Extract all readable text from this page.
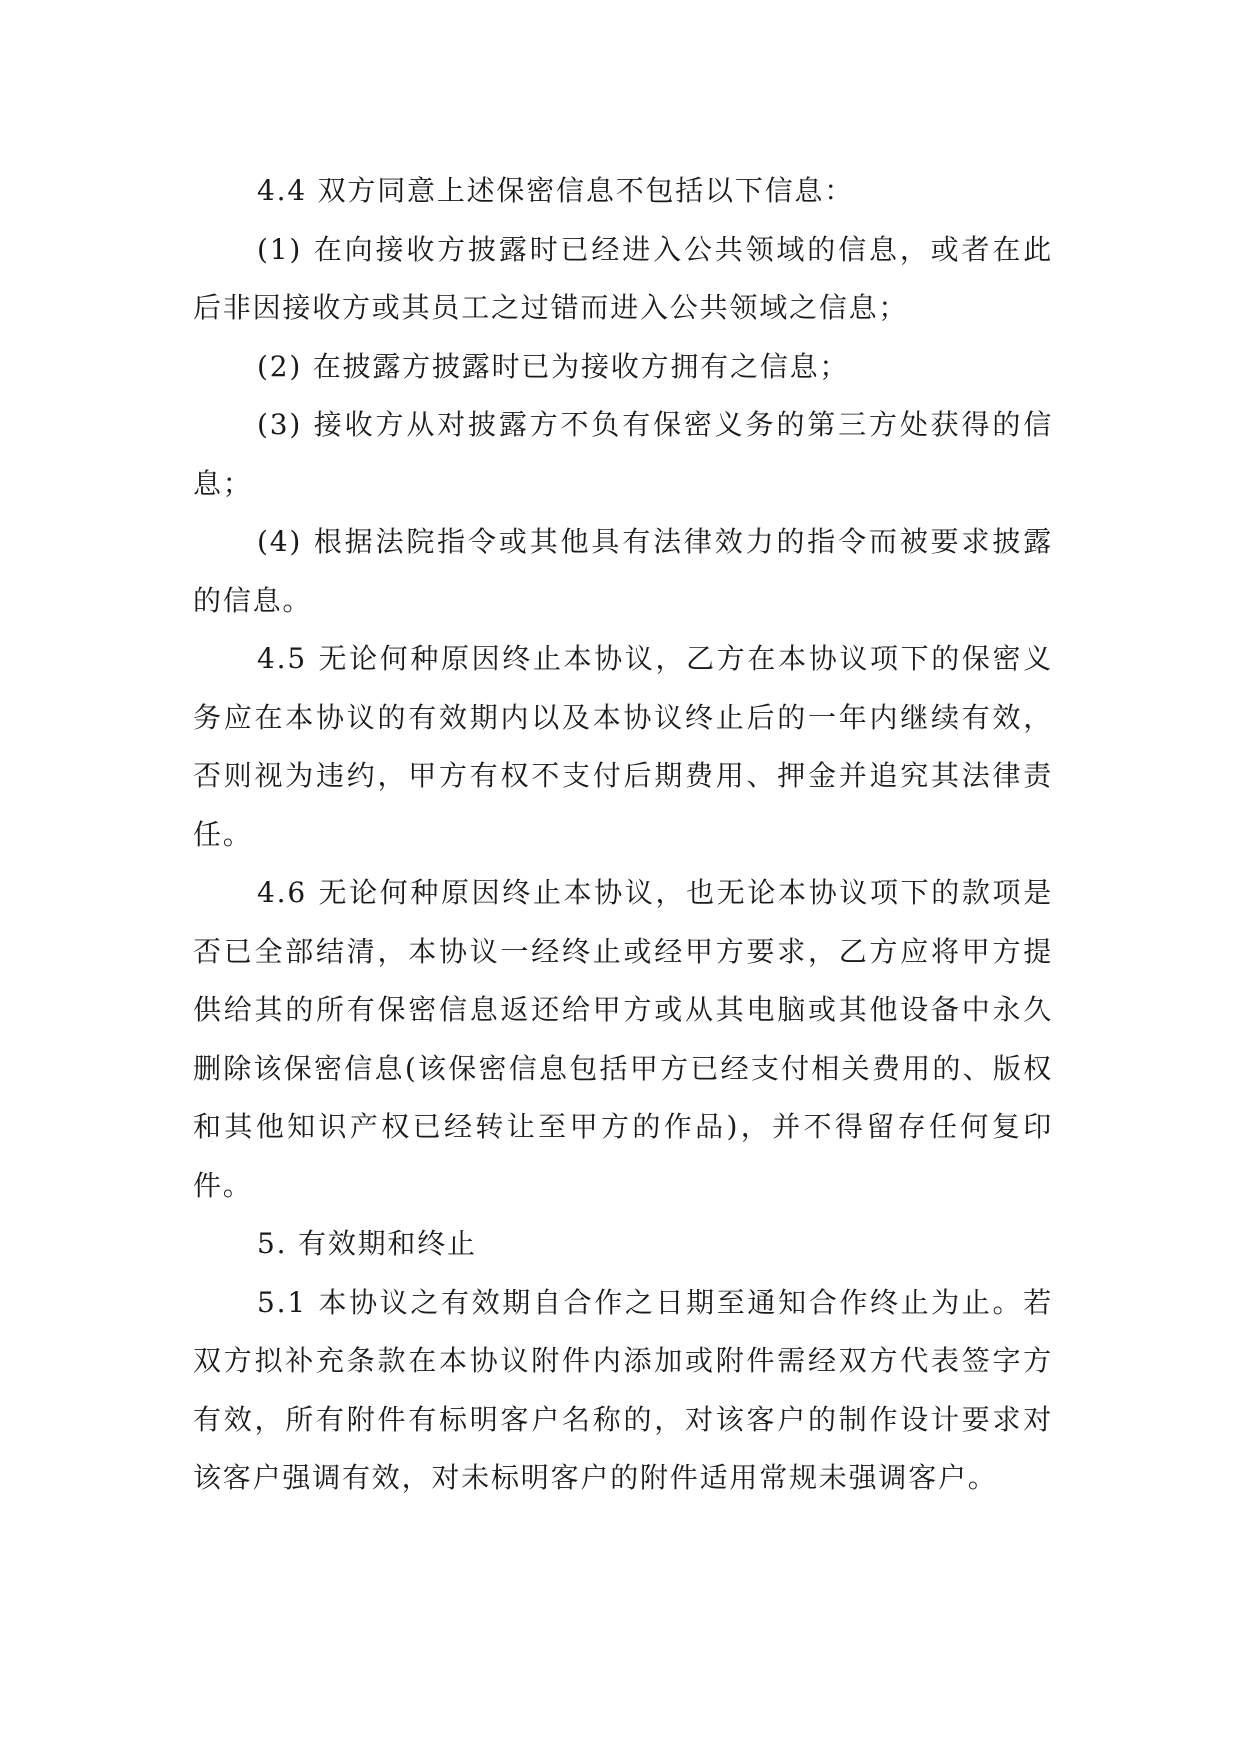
4.4 双方同意上述保密信息不包括以下信息：

(1) 在向接收方披露时已经进入公共领域的信息，或者在此后非因接收方或其员工之过错而进入公共领域之信息；

(2) 在披露方披露时已为接收方拥有之信息；

(3) 接收方从对披露方不负有保密义务的第三方处获得的信息；

(4) 根据法院指令或其他具有法律效力的指令而被要求披露的信息。

4.5 无论何种原因终止本协议，乙方在本协议项下的保密义务应在本协议的有效期内以及本协议终止后的一年内继续有效，否则视为违约，甲方有权不支付后期费用、押金并追究其法律责任。

4.6 无论何种原因终止本协议，也无论本协议项下的款项是否已全部结清，本协议一经终止或经甲方要求，乙方应将甲方提供给其的所有保密信息返还给甲方或从其电脑或其他设备中永久删除该保密信息(该保密信息包括甲方已经支付相关费用的、版权和其他知识产权已经转让至甲方的作品)，并不得留存任何复印件。

5. 有效期和终止

5.1 本协议之有效期自合作之日期至通知合作终止为止。若双方拟补充条款在本协议附件内添加或附件需经双方代表签字方有效，所有附件有标明客户名称的，对该客户的制作设计要求对该客户强调有效，对未标明客户的附件适用常规未强调客户。
